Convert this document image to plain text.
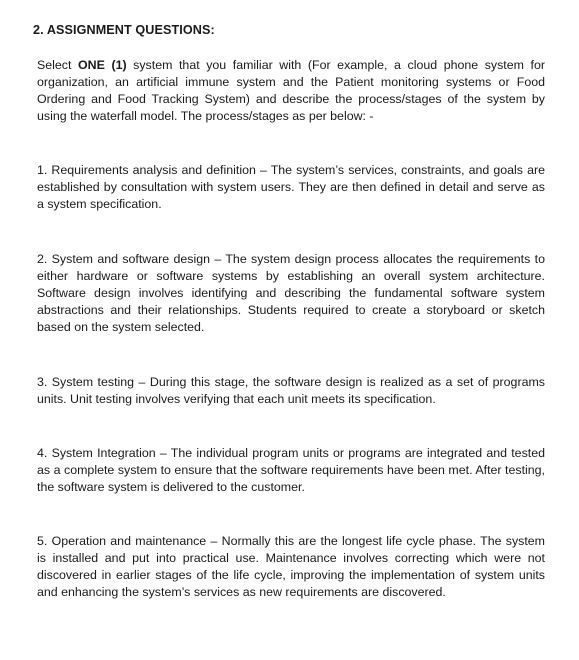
2. ASSIGNMENT QUESTIONS:

Select ONE (1) system that you familiar with (For example, a cloud phone system for organization, an artificial immune system and the Patient monitoring systems or Food Ordering and Food Tracking System) and describe the process/stages of the system by using the waterfall model. The process/stages as per below: -

1. Requirements analysis and definition – The system’s services, constraints, and goals are established by consultation with system users. They are then defined in detail and serve as a system specification.

2. System and software design – The system design process allocates the requirements to either hardware or software systems by establishing an overall system architecture. Software design involves identifying and describing the fundamental software system abstractions and their relationships. Students required to create a storyboard or sketch based on the system selected.

3. System testing – During this stage, the software design is realized as a set of programs units. Unit testing involves verifying that each unit meets its specification.

4. System Integration – The individual program units or programs are integrated and tested as a complete system to ensure that the software requirements have been met. After testing, the software system is delivered to the customer.

5. Operation and maintenance – Normally this are the longest life cycle phase. The system is installed and put into practical use. Maintenance involves correcting which were not discovered in earlier stages of the life cycle, improving the implementation of system units and enhancing the system’s services as new requirements are discovered.
